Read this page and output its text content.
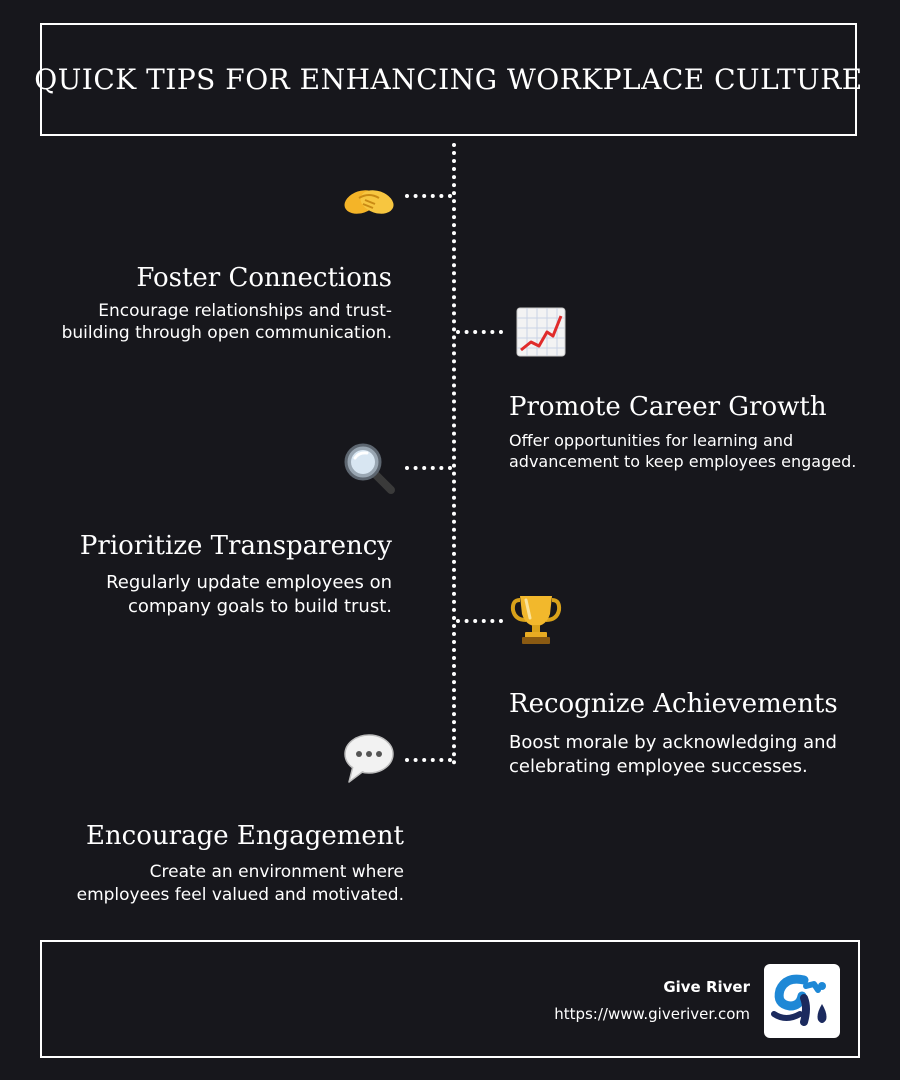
QUICK TIPS FOR ENHANCING WORKPLACE CULTURE
Foster Connections
Encourage relationships and trust-
building through open communication.
Promote Career Growth
Offer opportunities for learning and
advancement to keep employees engaged.
Prioritize Transparency
Regularly update employees on
company goals to build trust.
Recognize Achievements
Boost morale by acknowledging and
celebrating employee successes.
Encourage Engagement
Create an environment where
employees feel valued and motivated.
Give River
https://www.giveriver.com
